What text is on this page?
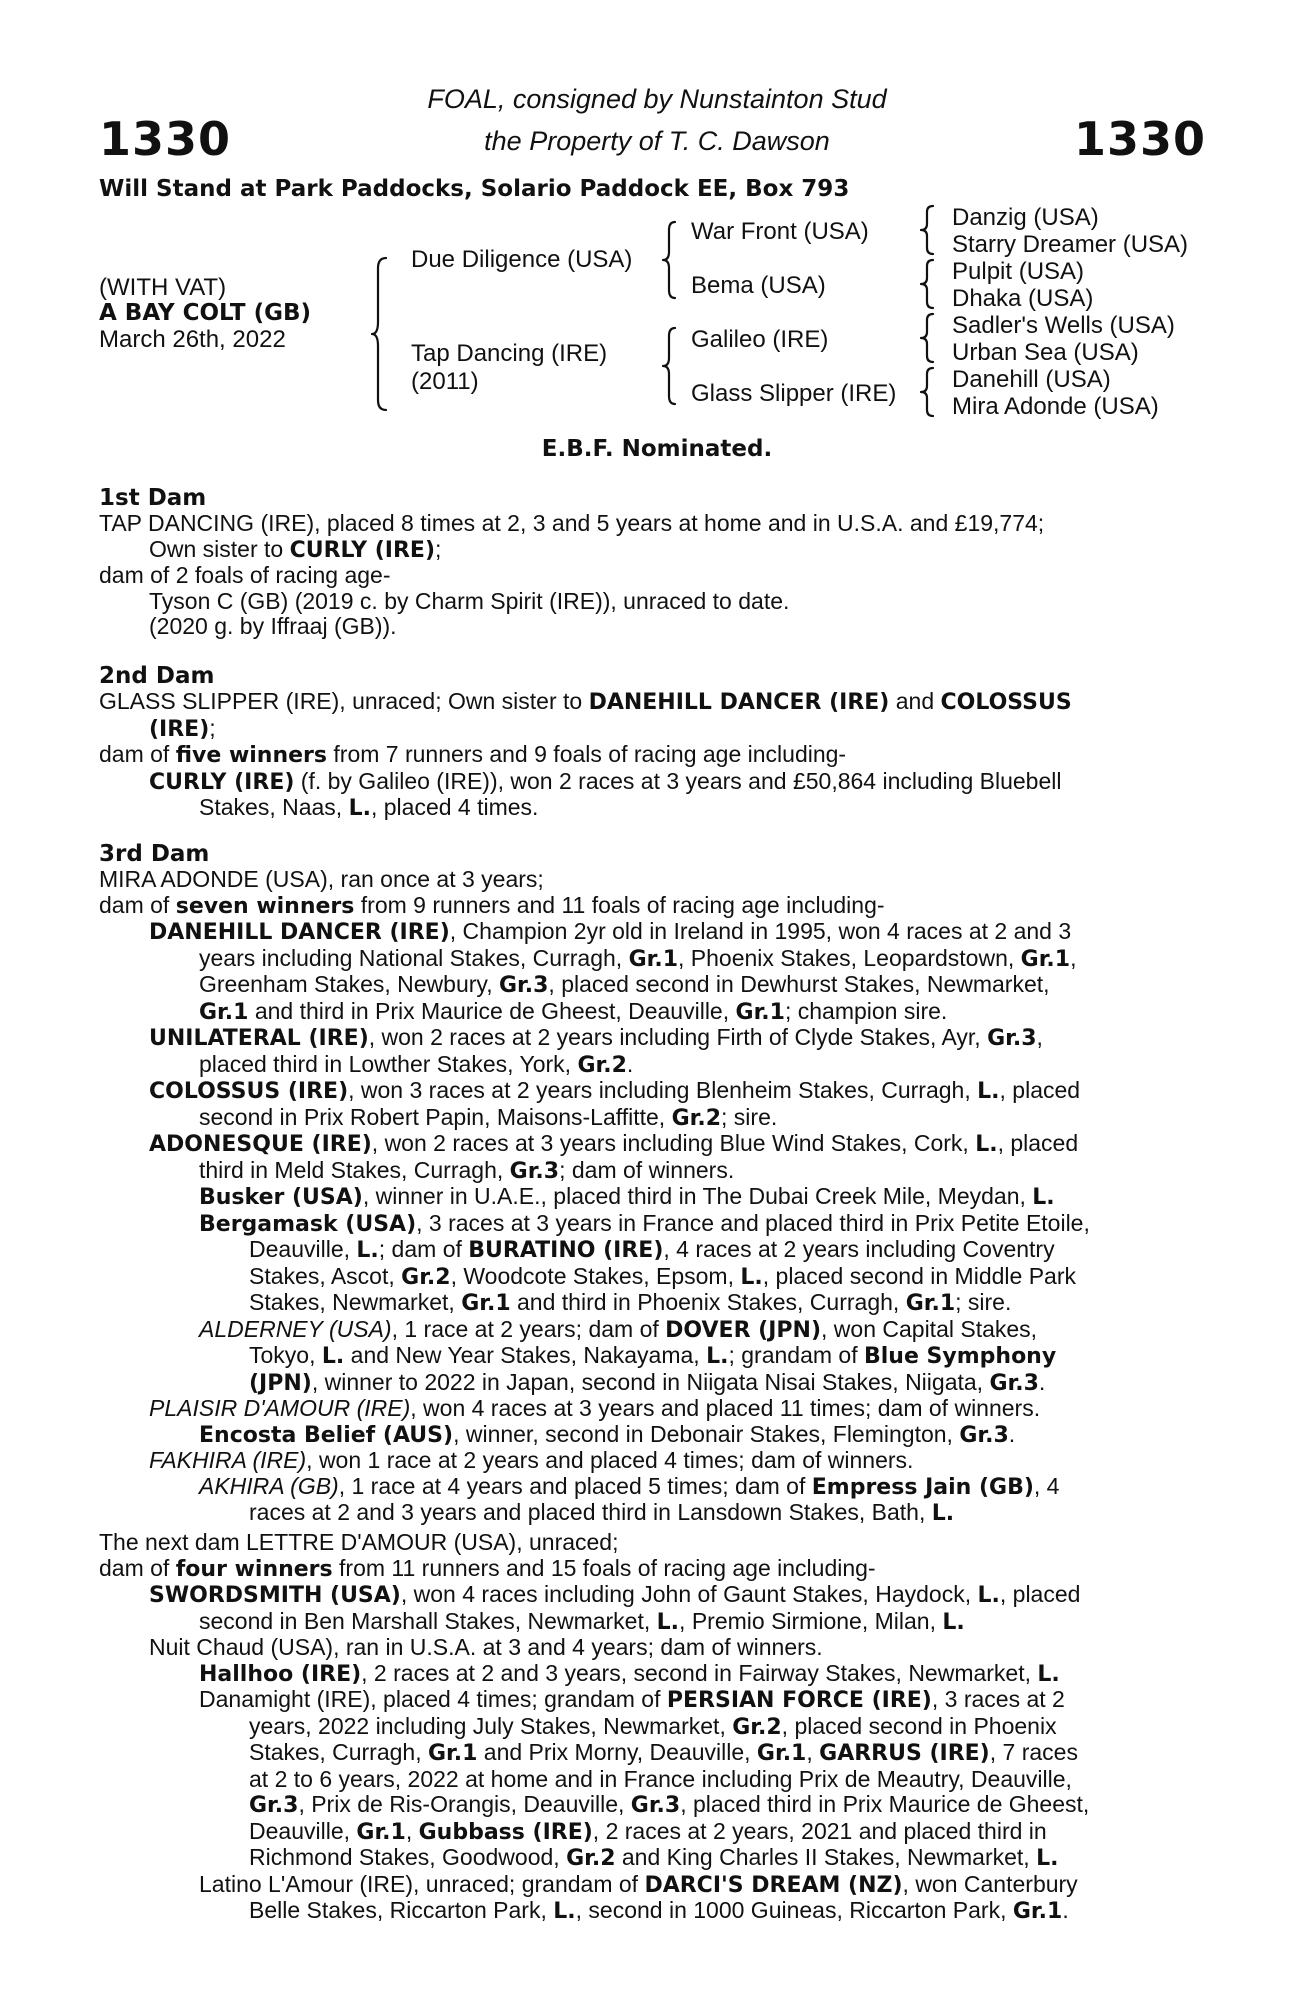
1330	1330
FOAL, consigned by Nunstainton Stud
the Property of T. C. Dawson
Will Stand at Park Paddocks, Solario Paddock EE, Box 793
(WITH VAT)
A BAY COLT (GB)
March 26th, 2022
Due Diligence (USA)
Tap Dancing (IRE)
(2011)
War Front (USA)
Bema (USA)
Galileo (IRE)
Glass Slipper (IRE)
Danzig (USA)
Starry Dreamer (USA)
Pulpit (USA)
Dhaka (USA)
Sadler's Wells (USA)
Urban Sea (USA)
Danehill (USA)
Mira Adonde (USA)
E.B.F. Nominated.
1st Dam
TAP DANCING (IRE), placed 8 times at 2, 3 and 5 years at home and in U.S.A. and £19,774;
Own sister to CURLY (IRE);
dam of 2 foals of racing age-
Tyson C (GB) (2019 c. by Charm Spirit (IRE)), unraced to date.
(2020 g. by Iffraaj (GB)).
2nd Dam
GLASS SLIPPER (IRE), unraced; Own sister to DANEHILL DANCER (IRE) and COLOSSUS
(IRE);
dam of five winners from 7 runners and 9 foals of racing age including-
CURLY (IRE) (f. by Galileo (IRE)), won 2 races at 3 years and £50,864 including Bluebell
Stakes, Naas, L., placed 4 times.
3rd Dam
MIRA ADONDE (USA), ran once at 3 years;
dam of seven winners from 9 runners and 11 foals of racing age including-
DANEHILL DANCER (IRE), Champion 2yr old in Ireland in 1995, won 4 races at 2 and 3
years including National Stakes, Curragh, Gr.1, Phoenix Stakes, Leopardstown, Gr.1,
Greenham Stakes, Newbury, Gr.3, placed second in Dewhurst Stakes, Newmarket,
Gr.1 and third in Prix Maurice de Gheest, Deauville, Gr.1; champion sire.
UNILATERAL (IRE), won 2 races at 2 years including Firth of Clyde Stakes, Ayr, Gr.3,
placed third in Lowther Stakes, York, Gr.2.
COLOSSUS (IRE), won 3 races at 2 years including Blenheim Stakes, Curragh, L., placed
second in Prix Robert Papin, Maisons-Laffitte, Gr.2; sire.
ADONESQUE (IRE), won 2 races at 3 years including Blue Wind Stakes, Cork, L., placed
third in Meld Stakes, Curragh, Gr.3; dam of winners.
Busker (USA), winner in U.A.E., placed third in The Dubai Creek Mile, Meydan, L.
Bergamask (USA), 3 races at 3 years in France and placed third in Prix Petite Etoile,
Deauville, L.; dam of BURATINO (IRE), 4 races at 2 years including Coventry
Stakes, Ascot, Gr.2, Woodcote Stakes, Epsom, L., placed second in Middle Park
Stakes, Newmarket, Gr.1 and third in Phoenix Stakes, Curragh, Gr.1; sire.
ALDERNEY (USA), 1 race at 2 years; dam of DOVER (JPN), won Capital Stakes,
Tokyo, L. and New Year Stakes, Nakayama, L.; grandam of Blue Symphony
(JPN), winner to 2022 in Japan, second in Niigata Nisai Stakes, Niigata, Gr.3.
PLAISIR D'AMOUR (IRE), won 4 races at 3 years and placed 11 times; dam of winners.
Encosta Belief (AUS), winner, second in Debonair Stakes, Flemington, Gr.3.
FAKHIRA (IRE), won 1 race at 2 years and placed 4 times; dam of winners.
AKHIRA (GB), 1 race at 4 years and placed 5 times; dam of Empress Jain (GB), 4
races at 2 and 3 years and placed third in Lansdown Stakes, Bath, L.
The next dam LETTRE D'AMOUR (USA), unraced;
dam of four winners from 11 runners and 15 foals of racing age including-
SWORDSMITH (USA), won 4 races including John of Gaunt Stakes, Haydock, L., placed
second in Ben Marshall Stakes, Newmarket, L., Premio Sirmione, Milan, L.
Nuit Chaud (USA), ran in U.S.A. at 3 and 4 years; dam of winners.
Hallhoo (IRE), 2 races at 2 and 3 years, second in Fairway Stakes, Newmarket, L.
Danamight (IRE), placed 4 times; grandam of PERSIAN FORCE (IRE), 3 races at 2
years, 2022 including July Stakes, Newmarket, Gr.2, placed second in Phoenix
Stakes, Curragh, Gr.1 and Prix Morny, Deauville, Gr.1, GARRUS (IRE), 7 races
at 2 to 6 years, 2022 at home and in France including Prix de Meautry, Deauville,
Gr.3, Prix de Ris-Orangis, Deauville, Gr.3, placed third in Prix Maurice de Gheest,
Deauville, Gr.1, Gubbass (IRE), 2 races at 2 years, 2021 and placed third in
Richmond Stakes, Goodwood, Gr.2 and King Charles II Stakes, Newmarket, L.
Latino L'Amour (IRE), unraced; grandam of DARCI'S DREAM (NZ), won Canterbury
Belle Stakes, Riccarton Park, L., second in 1000 Guineas, Riccarton Park, Gr.1.
